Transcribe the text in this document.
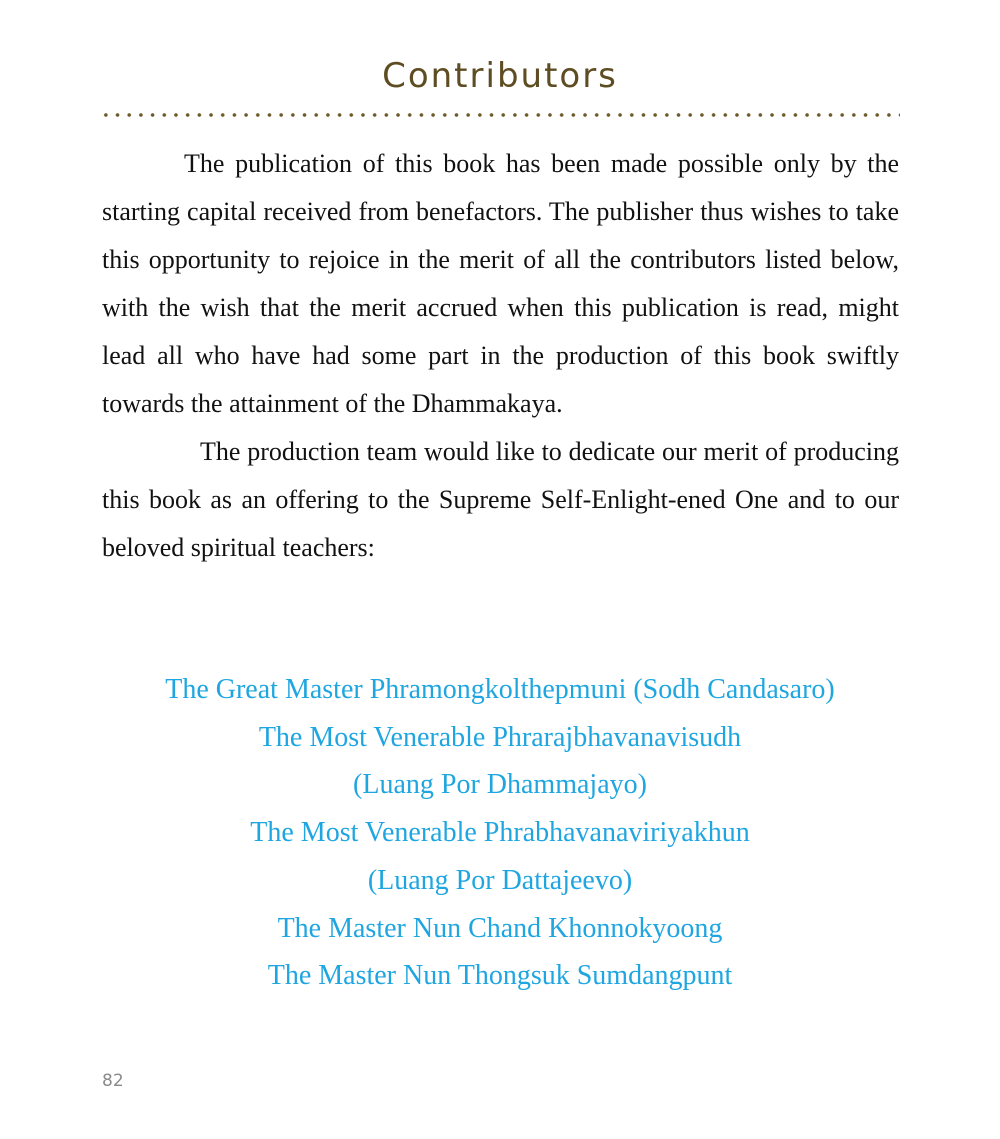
Contributors

The publication of this book has been made possible only by the starting capital received from benefactors. The publisher thus wishes to take this opportunity to rejoice in the merit of all the contributors listed below, with the wish that the merit accrued when this publication is read, might lead all who have had some part in the production of this book swiftly towards the attainment of the Dhammakaya.

The production team would like to dedicate our merit of producing this book as an offering to the Supreme Self-Enlight-ened One and to our beloved spiritual teachers:

The Great Master Phramongkolthepmuni (Sodh Candasaro)
The Most Venerable Phrarajbhavanavisudh
(Luang Por Dhammajayo)
The Most Venerable Phrabhavanaviriyakhun
(Luang Por Dattajeevo)
The Master Nun Chand Khonnokyoong
The Master Nun Thongsuk Sumdangpunt
82
